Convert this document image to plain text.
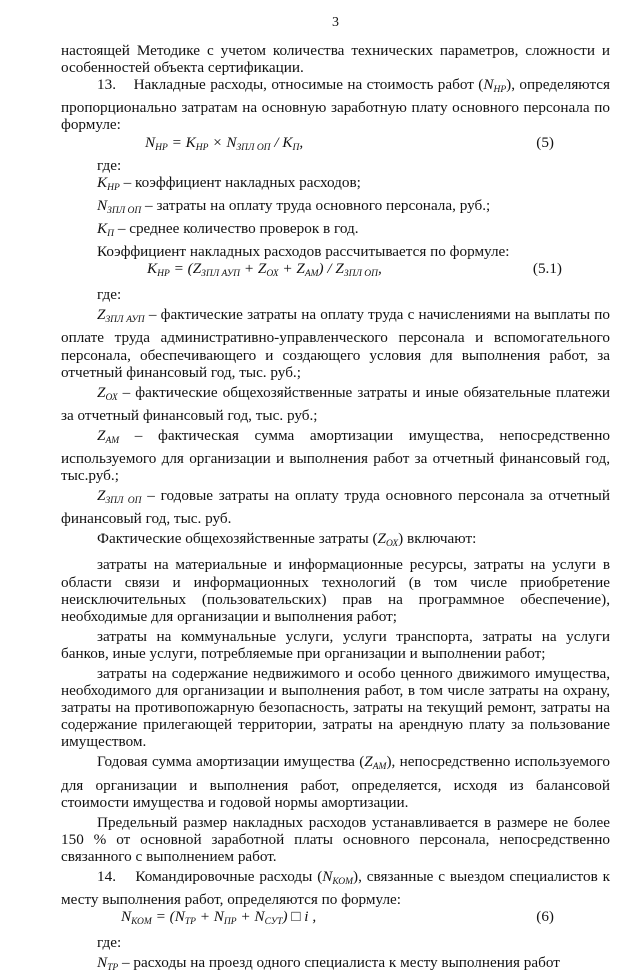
3

настоящей Методике с учетом количества технических параметров, сложности и особенностей объекта сертификации.

13. Накладные расходы, относимые на стоимость работ $(N_{НР})$, определяются пропорционально затратам на основную заработную плату основного персонала по формуле:

$N_{НР} = K_{НР} \times N_{ЗПЛ ОП} / K_П$,	(5)

где:

$K_{НР}$ – коэффициент накладных расходов;

$N_{ЗПЛ ОП}$ – затраты на оплату труда основного персонала, руб.;

$K_П$ – среднее количество проверок в год.

Коэффициент накладных расходов рассчитывается по формуле:

$K_{НР} = (Z_{ЗПЛ АУП} + Z_{ОХ} + Z_{АМ}) / Z_{ЗПЛ ОП}$,	(5.1)

где:

$Z_{ЗПЛ АУП}$ – фактические затраты на оплату труда с начислениями на выплаты по оплате труда административно-управленческого персонала и вспомогательного персонала, обеспечивающего и создающего условия для выполнения работ, за отчетный финансовый год, тыс. руб.;

$Z_{ОХ}$ – фактические общехозяйственные затраты и иные обязательные платежи за отчетный финансовый год, тыс. руб.;

$Z_{АМ}$ – фактическая сумма амортизации имущества, непосредственно используемого для организации и выполнения работ за отчетный финансовый год, тыс.руб.;

$Z_{ЗПЛ ОП}$ – годовые затраты на оплату труда основного персонала за отчетный финансовый год, тыс. руб.

Фактические общехозяйственные затраты $(Z_{ОХ})$ включают:

затраты на материальные и информационные ресурсы, затраты на услуги в области связи и информационных технологий (в том числе приобретение неисключительных (пользовательских) прав на программное обеспечение), необходимые для организации и выполнения работ;

затраты на коммунальные услуги, услуги транспорта, затраты на услуги банков, иные услуги, потребляемые при организации и выполнении работ;

затраты на содержание недвижимого и особо ценного движимого имущества, необходимого для организации и выполнения работ, в том числе затраты на охрану, затраты на противопожарную безопасность, затраты на текущий ремонт, затраты на содержание прилегающей территории, затраты на арендную плату за пользование имуществом.

Годовая сумма амортизации имущества $(Z_{АМ})$, непосредственно используемого для организации и выполнения работ, определяется, исходя из балансовой стоимости имущества и годовой нормы амортизации.

Предельный размер накладных расходов устанавливается в размере не более 150 % от основной заработной платы основного персонала, непосредственно связанного с выполнением работ.

14. Командировочные расходы $(N_{КОМ})$, связанные с выездом специалистов к месту выполнения работ, определяются по формуле:

$N_{КОМ} = (N_{ТР} + N_{ПР} + N_{СУТ})$ □ i ,	(6)

где:

$N_{ТР}$ – расходы на проезд одного специалиста к месту выполнения работ
